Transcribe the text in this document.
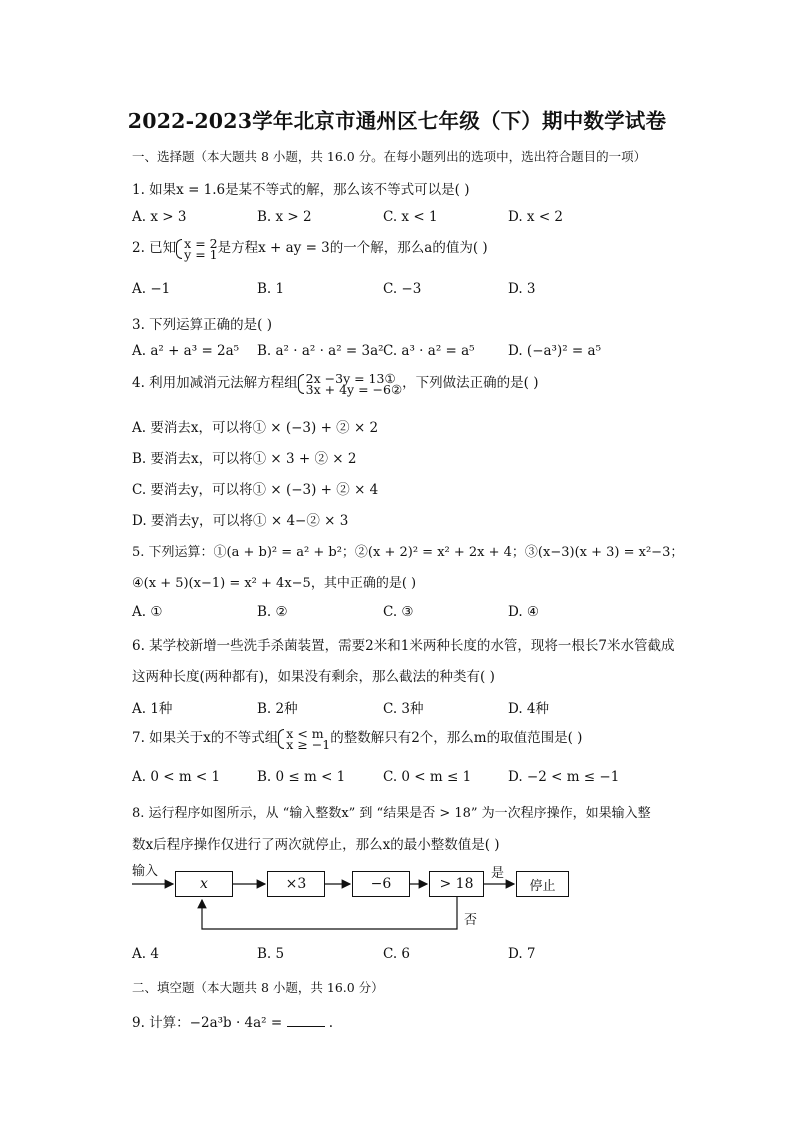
2022-2023学年北京市通州区七年级（下）期中数学试卷
一、选择题（本大题共 8 小题，共 16.0 分。在每小题列出的选项中，选出符合题目的一项）
1. 如果x = 1.6是某不等式的解，那么该不等式可以是( )
A. x > 3	B. x > 2	C. x < 1	D. x < 2
2. 已知 x = 2
y = 1 是方程x + ay = 3的一个解，那么a的值为( )
A. −1	B. 1	C. −3	D. 3
3. 下列运算正确的是( )
A. a² + a³ = 2a⁵ B. a² · a² · a² = 3a² C. a³ · a² = a⁵ D. (−a³)² = a⁵
4. 利用加减消元法解方程组 2x −3y = 13①
3x + 4y = −6② ，下列做法正确的是( )
A. 要消去x，可以将① × (−3) + ② × 2
B. 要消去x，可以将① × 3 + ② × 2
C. 要消去y，可以将① × (−3) + ② × 4
D. 要消去y，可以将① × 4−② × 3
5. 下列运算：①(a + b)² = a² + b²；②(x + 2)² = x² + 2x + 4；③(x−3)(x + 3) = x²−3；
④(x + 5)(x−1) = x² + 4x−5，其中正确的是( )
A. ①	B. ②	C. ③	D. ④
6. 某学校新增一些洗手杀菌装置，需要2米和1米两种长度的水管，现将一根长7米水管截成
这两种长度(两种都有)，如果没有剩余，那么截法的种类有( )
A. 1种	B. 2种	C. 3种	D. 4种
7. 如果关于x的不等式组 x < m
x ≥ −1 的整数解只有2个，那么m的取值范围是( )
A. 0 < m < 1	B. 0 ≤ m < 1	C. 0 < m ≤ 1	D. −2 < m ≤ −1
8. 运行程序如图所示，从 “输入整数x” 到 “结果是否 > 18” 为一次程序操作，如果输入整
数x后程序操作仅进行了两次就停止，那么x的最小整数值是( )
输入
x	×3	−6	> 18
是
停止
否
A. 4	B. 5	C. 6	D. 7
二、填空题（本大题共 8 小题，共 16.0 分）
9. 计算：−2a³b · 4a² =	.
